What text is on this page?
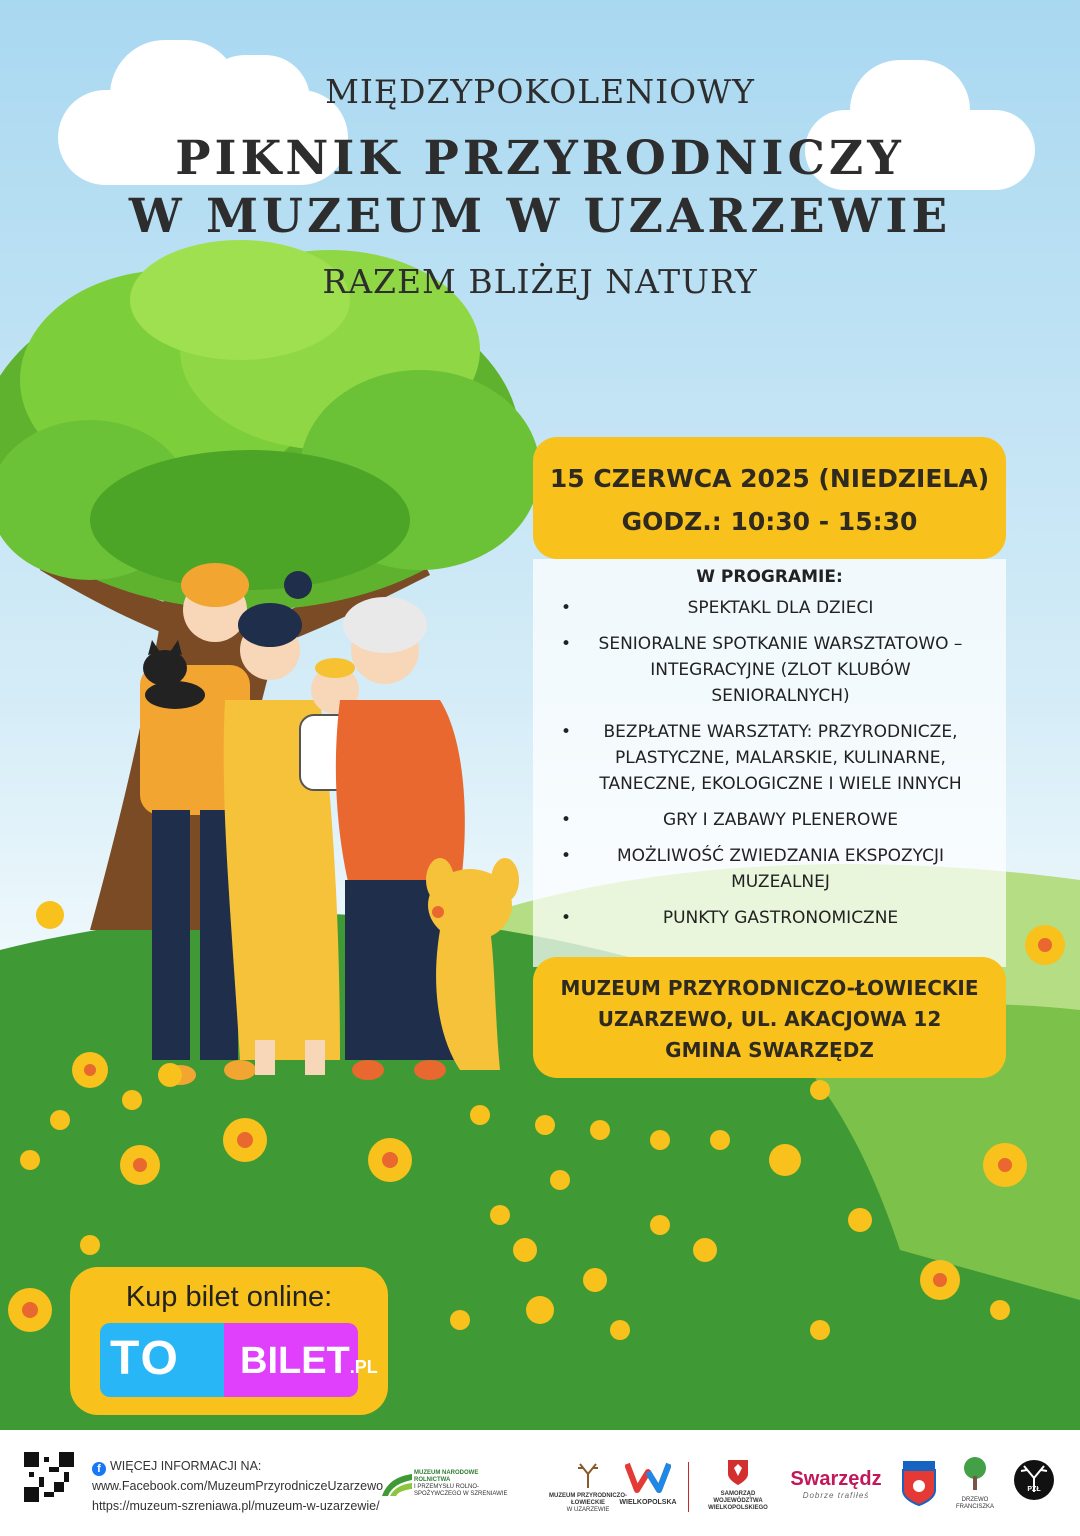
MIĘDZYPOKOLENIOWY
PIKNIK PRZYRODNICZY
W MUZEUM W UZARZEWIE
RAZEM BLIŻEJ NATURY
15 CZERWCA 2025 (NIEDZIELA)
GODZ.: 10:30 - 15:30
W PROGRAMIE:
•	SPEKTAKL DLA DZIECI
•	SENIORALNE SPOTKANIE WARSZTATOWO –
INTEGRACYJNE (ZLOT KLUBÓW
SENIORALNYCH)
•	BEZPŁATNE WARSZTATY: PRZYRODNICZE,
PLASTYCZNE, MALARSKIE, KULINARNE,
TANECZNE, EKOLOGICZNE I WIELE INNYCH
•	GRY I ZABAWY PLENEROWE
•	MOŻLIWOŚĆ ZWIEDZANIA EKSPOZYCJI
MUZEALNEJ
•	PUNKTY GASTRONOMICZNE
MUZEUM PRZYRODNICZO-ŁOWIECKIE
UZARZEWO, UL. AKACJOWA 12
GMINA SWARZĘDZ
Kup bilet online:
TO BILET.PL
f WIĘCEJ INFORMACJI NA:
www.Facebook.com/MuzeumPrzyrodniczeUzarzewo
https://muzeum-szreniawa.pl/muzeum-w-uzarzewie/
MUZEUM NARODOWE ROLNICTWA
I PRZEMYSŁU ROLNO-SPOŻYWCZEGO W SZRENIAWIE	MUZEUM PRZYRODNICZO-ŁOWIECKIE
W UZARZEWIE
WIELKOPOLSKA
SAMORZĄD WOJEWÓDZTWA WIELKOPOLSKIEGO
Swarzędz
Dobrze trafiłeś	DRZEWO FRANCISZKA
PZŁ
